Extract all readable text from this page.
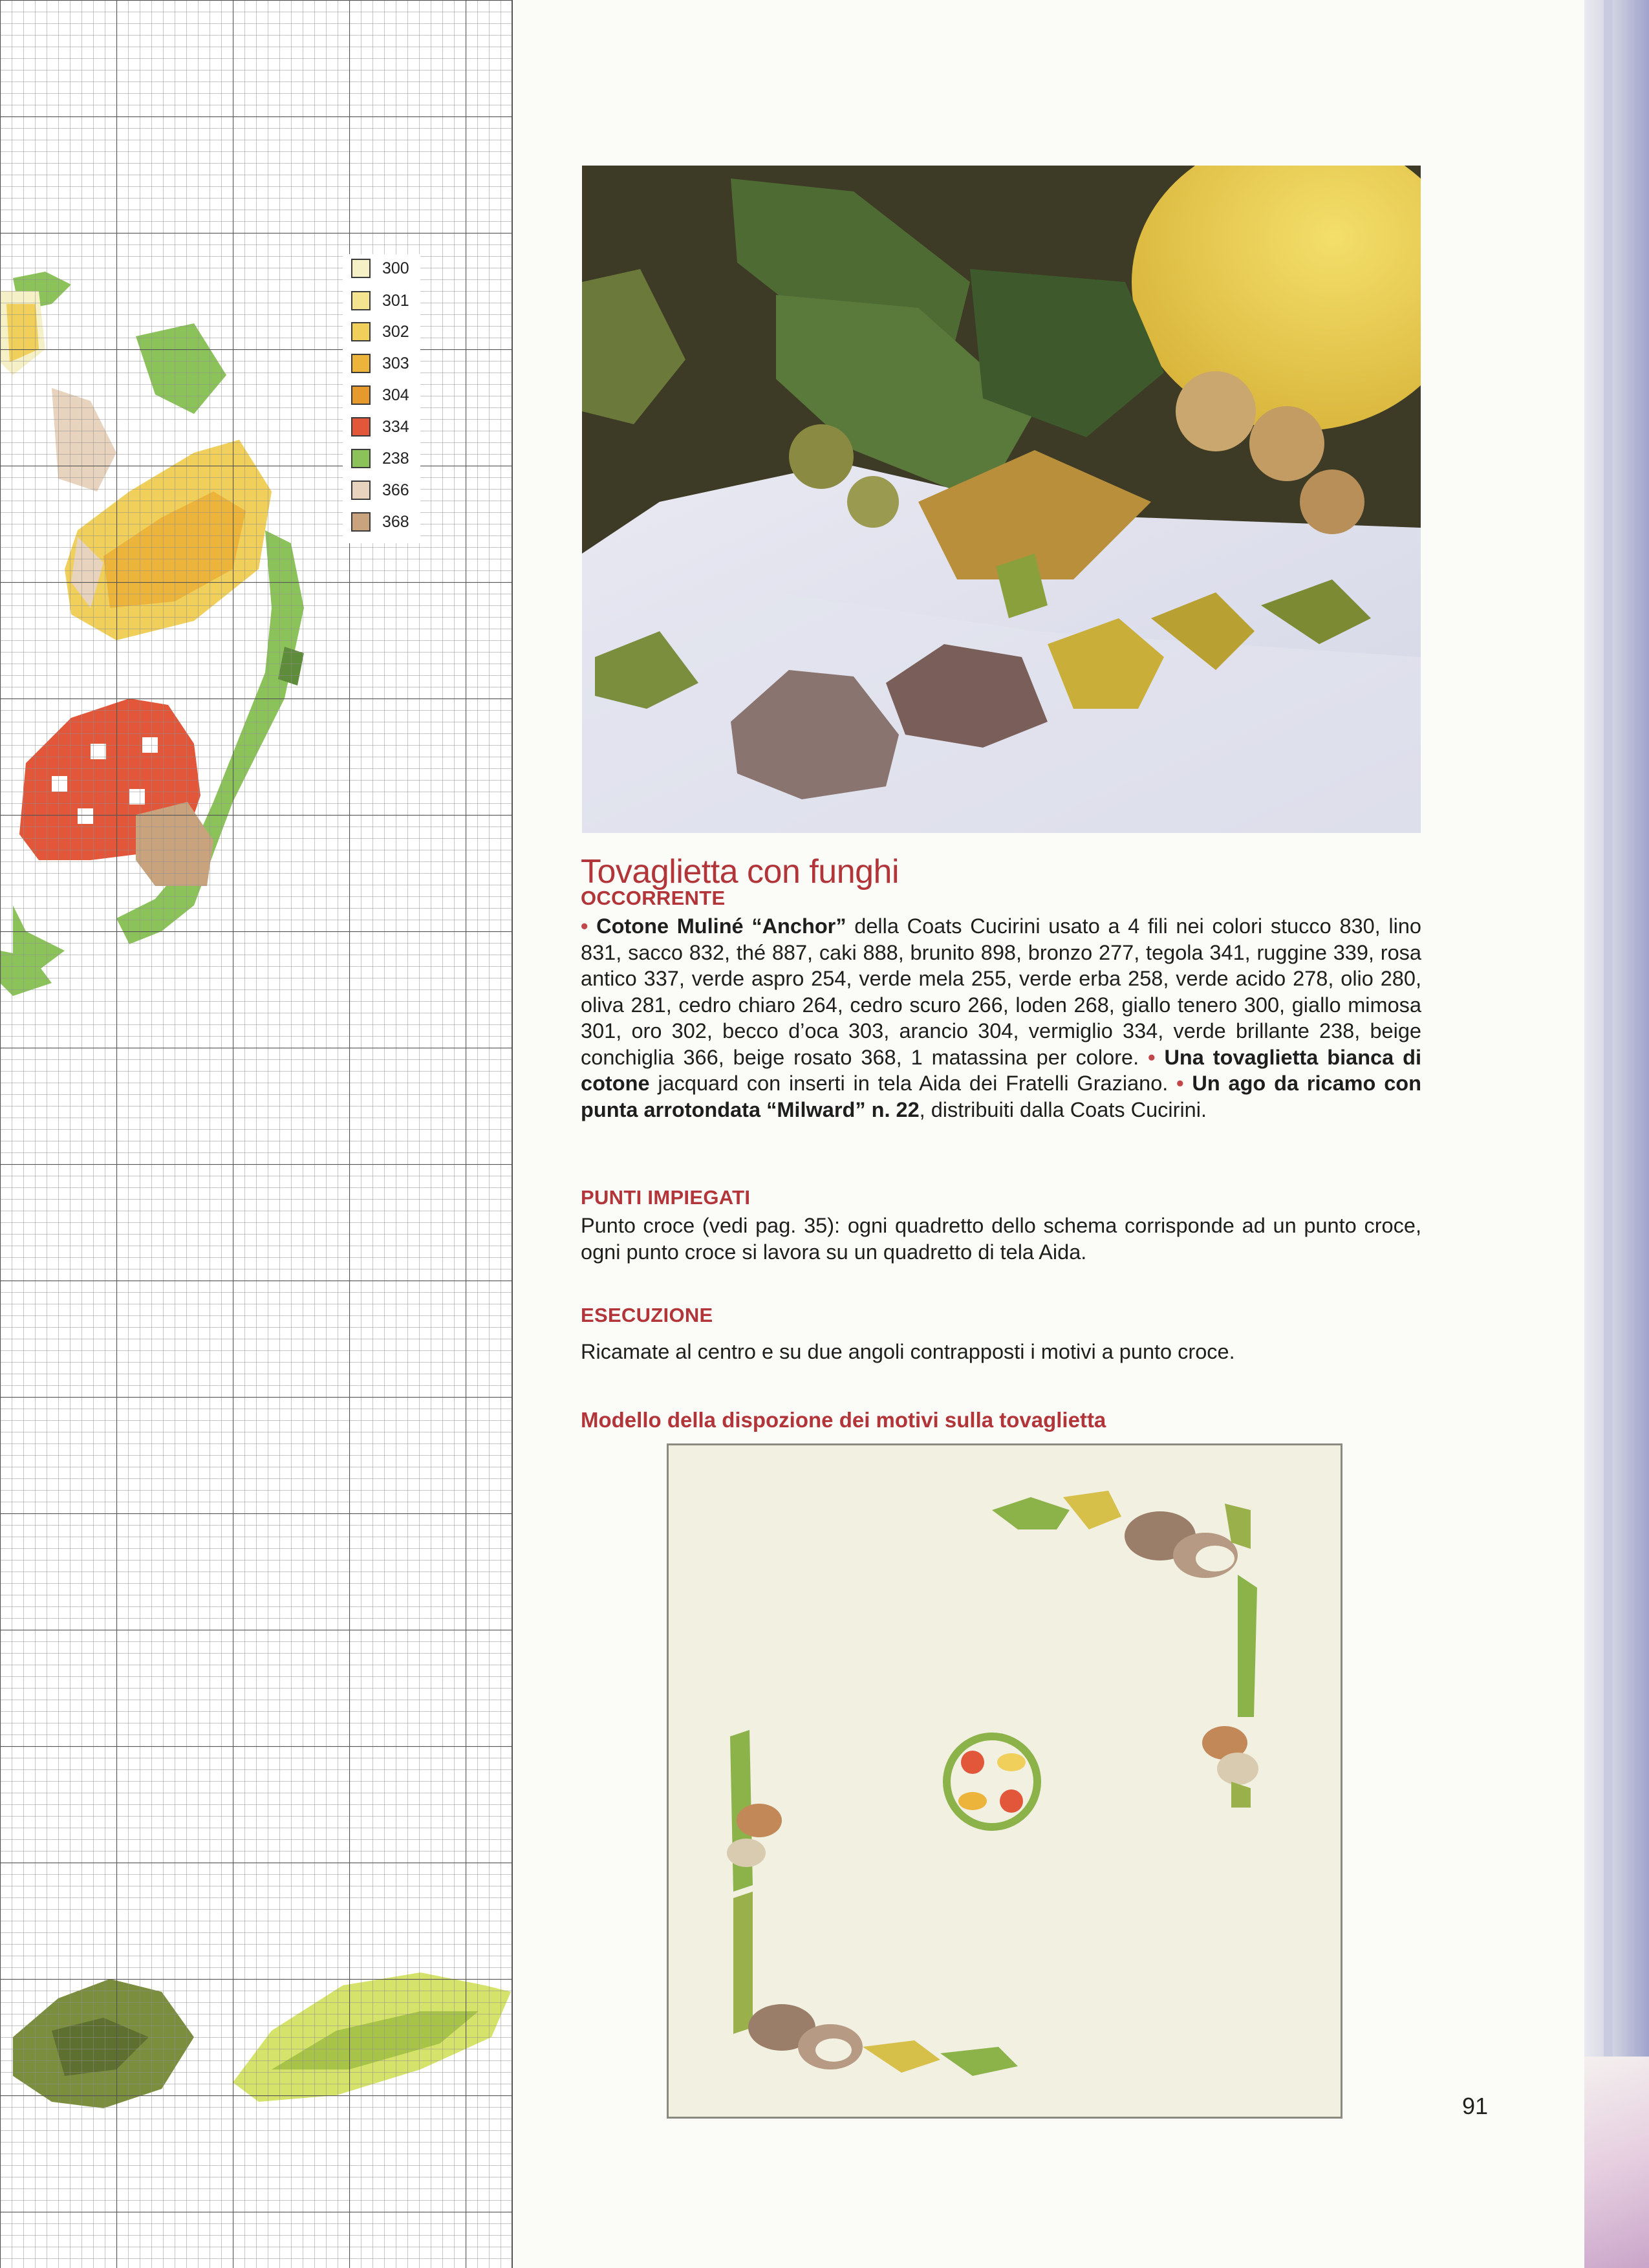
300
301
302
303
304
334
238
366
368
Tovaglietta con funghi
OCCORRENTE

• Cotone Muliné “Anchor” della Coats Cucirini usato a 4 fili nei colori stucco 830, lino 831, sacco 832, thé 887, caki 888, brunito 898, bronzo 277, tegola 341, ruggine 339, rosa antico 337, verde aspro 254, verde mela 255, verde erba 258, verde acido 278, olio 280, oliva 281, cedro chiaro 264, cedro scuro 266, loden 268, giallo tenero 300, giallo mimosa 301, oro 302, becco d’oca 303, arancio 304, vermiglio 334, verde brillante 238, beige conchiglia 366, beige rosato 368, 1 matassina per colore. • Una tovaglietta bianca di cotone jacquard con inserti in tela Aida dei Fratelli Graziano. • Un ago da ricamo con punta arrotondata “Milward” n. 22, distribuiti dalla Coats Cucirini.

PUNTI IMPIEGATI
Punto croce (vedi pag. 35): ogni quadretto dello schema corrisponde ad un punto croce, ogni punto croce si lavora su un quadretto di tela Aida.
ESECUZIONE
Ricamate al centro e su due angoli contrapposti i motivi a punto croce.
Modello della dispozione dei motivi sulla tovaglietta
91
